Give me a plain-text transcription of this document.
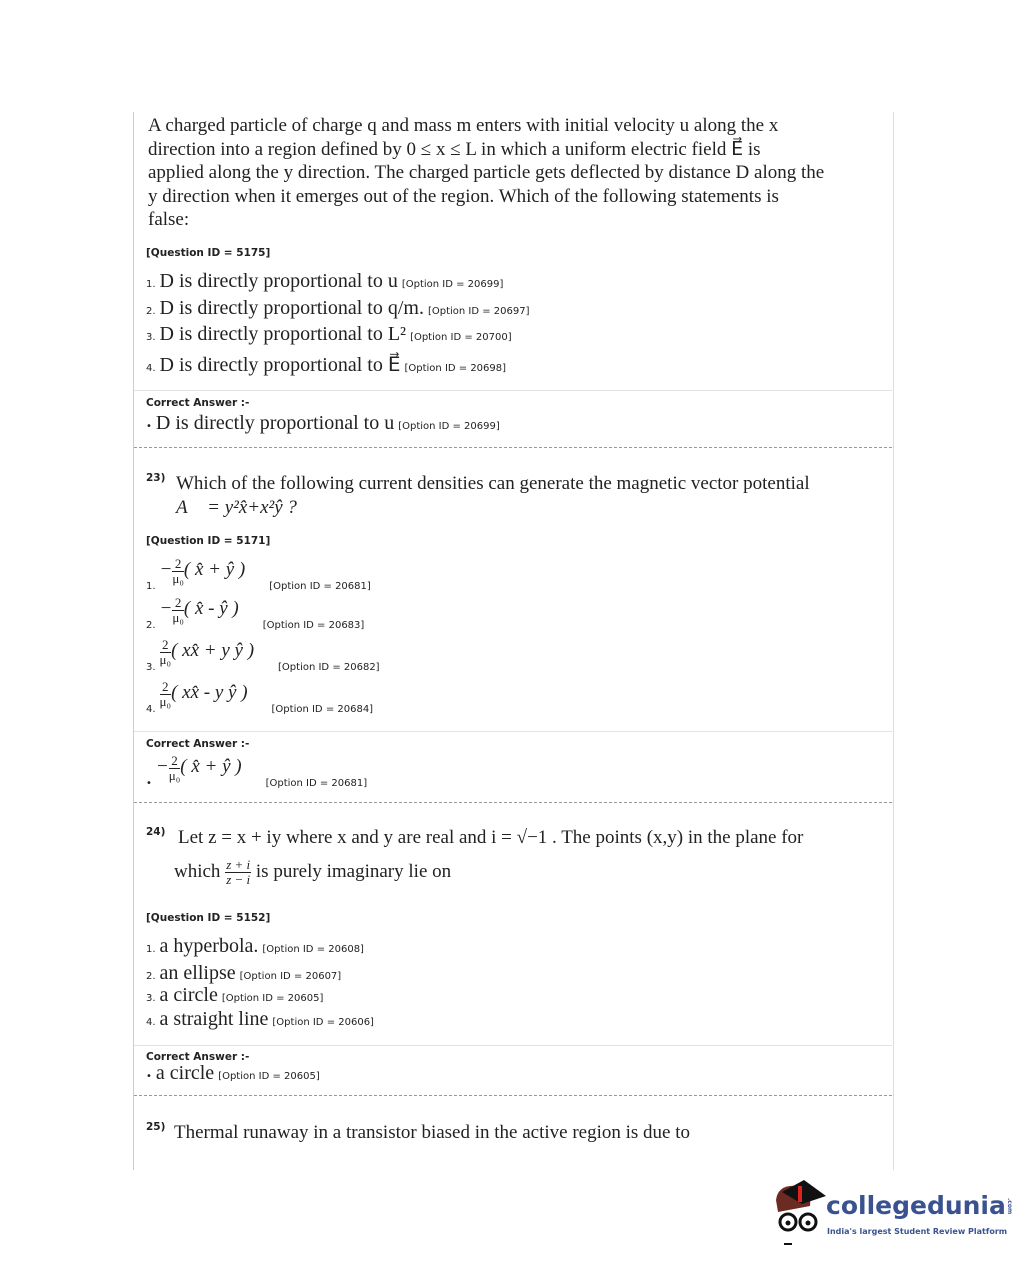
A charged particle of charge q and mass m enters with initial velocity u along the x
direction into a region defined by 0 ≤ x ≤ L in which a uniform electric field E⃗ is
applied along the y direction. The charged particle gets deflected by distance D along the
y direction when it emerges out of the region. Which of the following statements is
false:
[Question ID = 5175]
1. D is directly proportional to u [Option ID = 20699]
2. D is directly proportional to q/m. [Option ID = 20697]
3. D is directly proportional to L² [Option ID = 20700]
4. D is directly proportional to E⃗ [Option ID = 20698]
Correct Answer :-
• D is directly proportional to u [Option ID = 20699]
23) Which of the following current densities can generate the magnetic vector potential
A⃗ = y²x̂+x²ŷ ?
[Question ID = 5171]
$_{1.} - \frac{2}{\text{μ₀}}$( x̂ + ŷ ) $_{[Option ID = 20681]}$
$_{2.} - \frac{2}{\text{μ₀}}$( x̂ - ŷ ) $_{[Option ID = 20683]}$
$_{3.}$
$\frac{2}{\text{μ₀}}$( xx̂ + y ŷ ) $_{[Option ID = 20682]}$
$_{4.}$
$\frac{2}{\text{μ₀}}$( xx̂ - y ŷ ) $_{[Option ID = 20684]}$
Correct Answer :-
$_• - \frac{2}{\text{μ₀}}$( x̂ + ŷ ) $_{[Option ID = 20681]}$
24) Let z = x + iy where x and y are real and i = √−1 . The points (x,y) in the plane for
which $\frac{z + i}{z - i}$ is purely imaginary lie on
[Question ID = 5152]
1. a hyperbola. [Option ID = 20608]
2. an ellipse [Option ID = 20607]
3. a circle [Option ID = 20605]
4. a straight line [Option ID = 20606]
Correct Answer :-
• a circle [Option ID = 20605]
25) Thermal runaway in a transistor biased in the active region is due to
collegedunia.com
India's largest Student Review Platform
